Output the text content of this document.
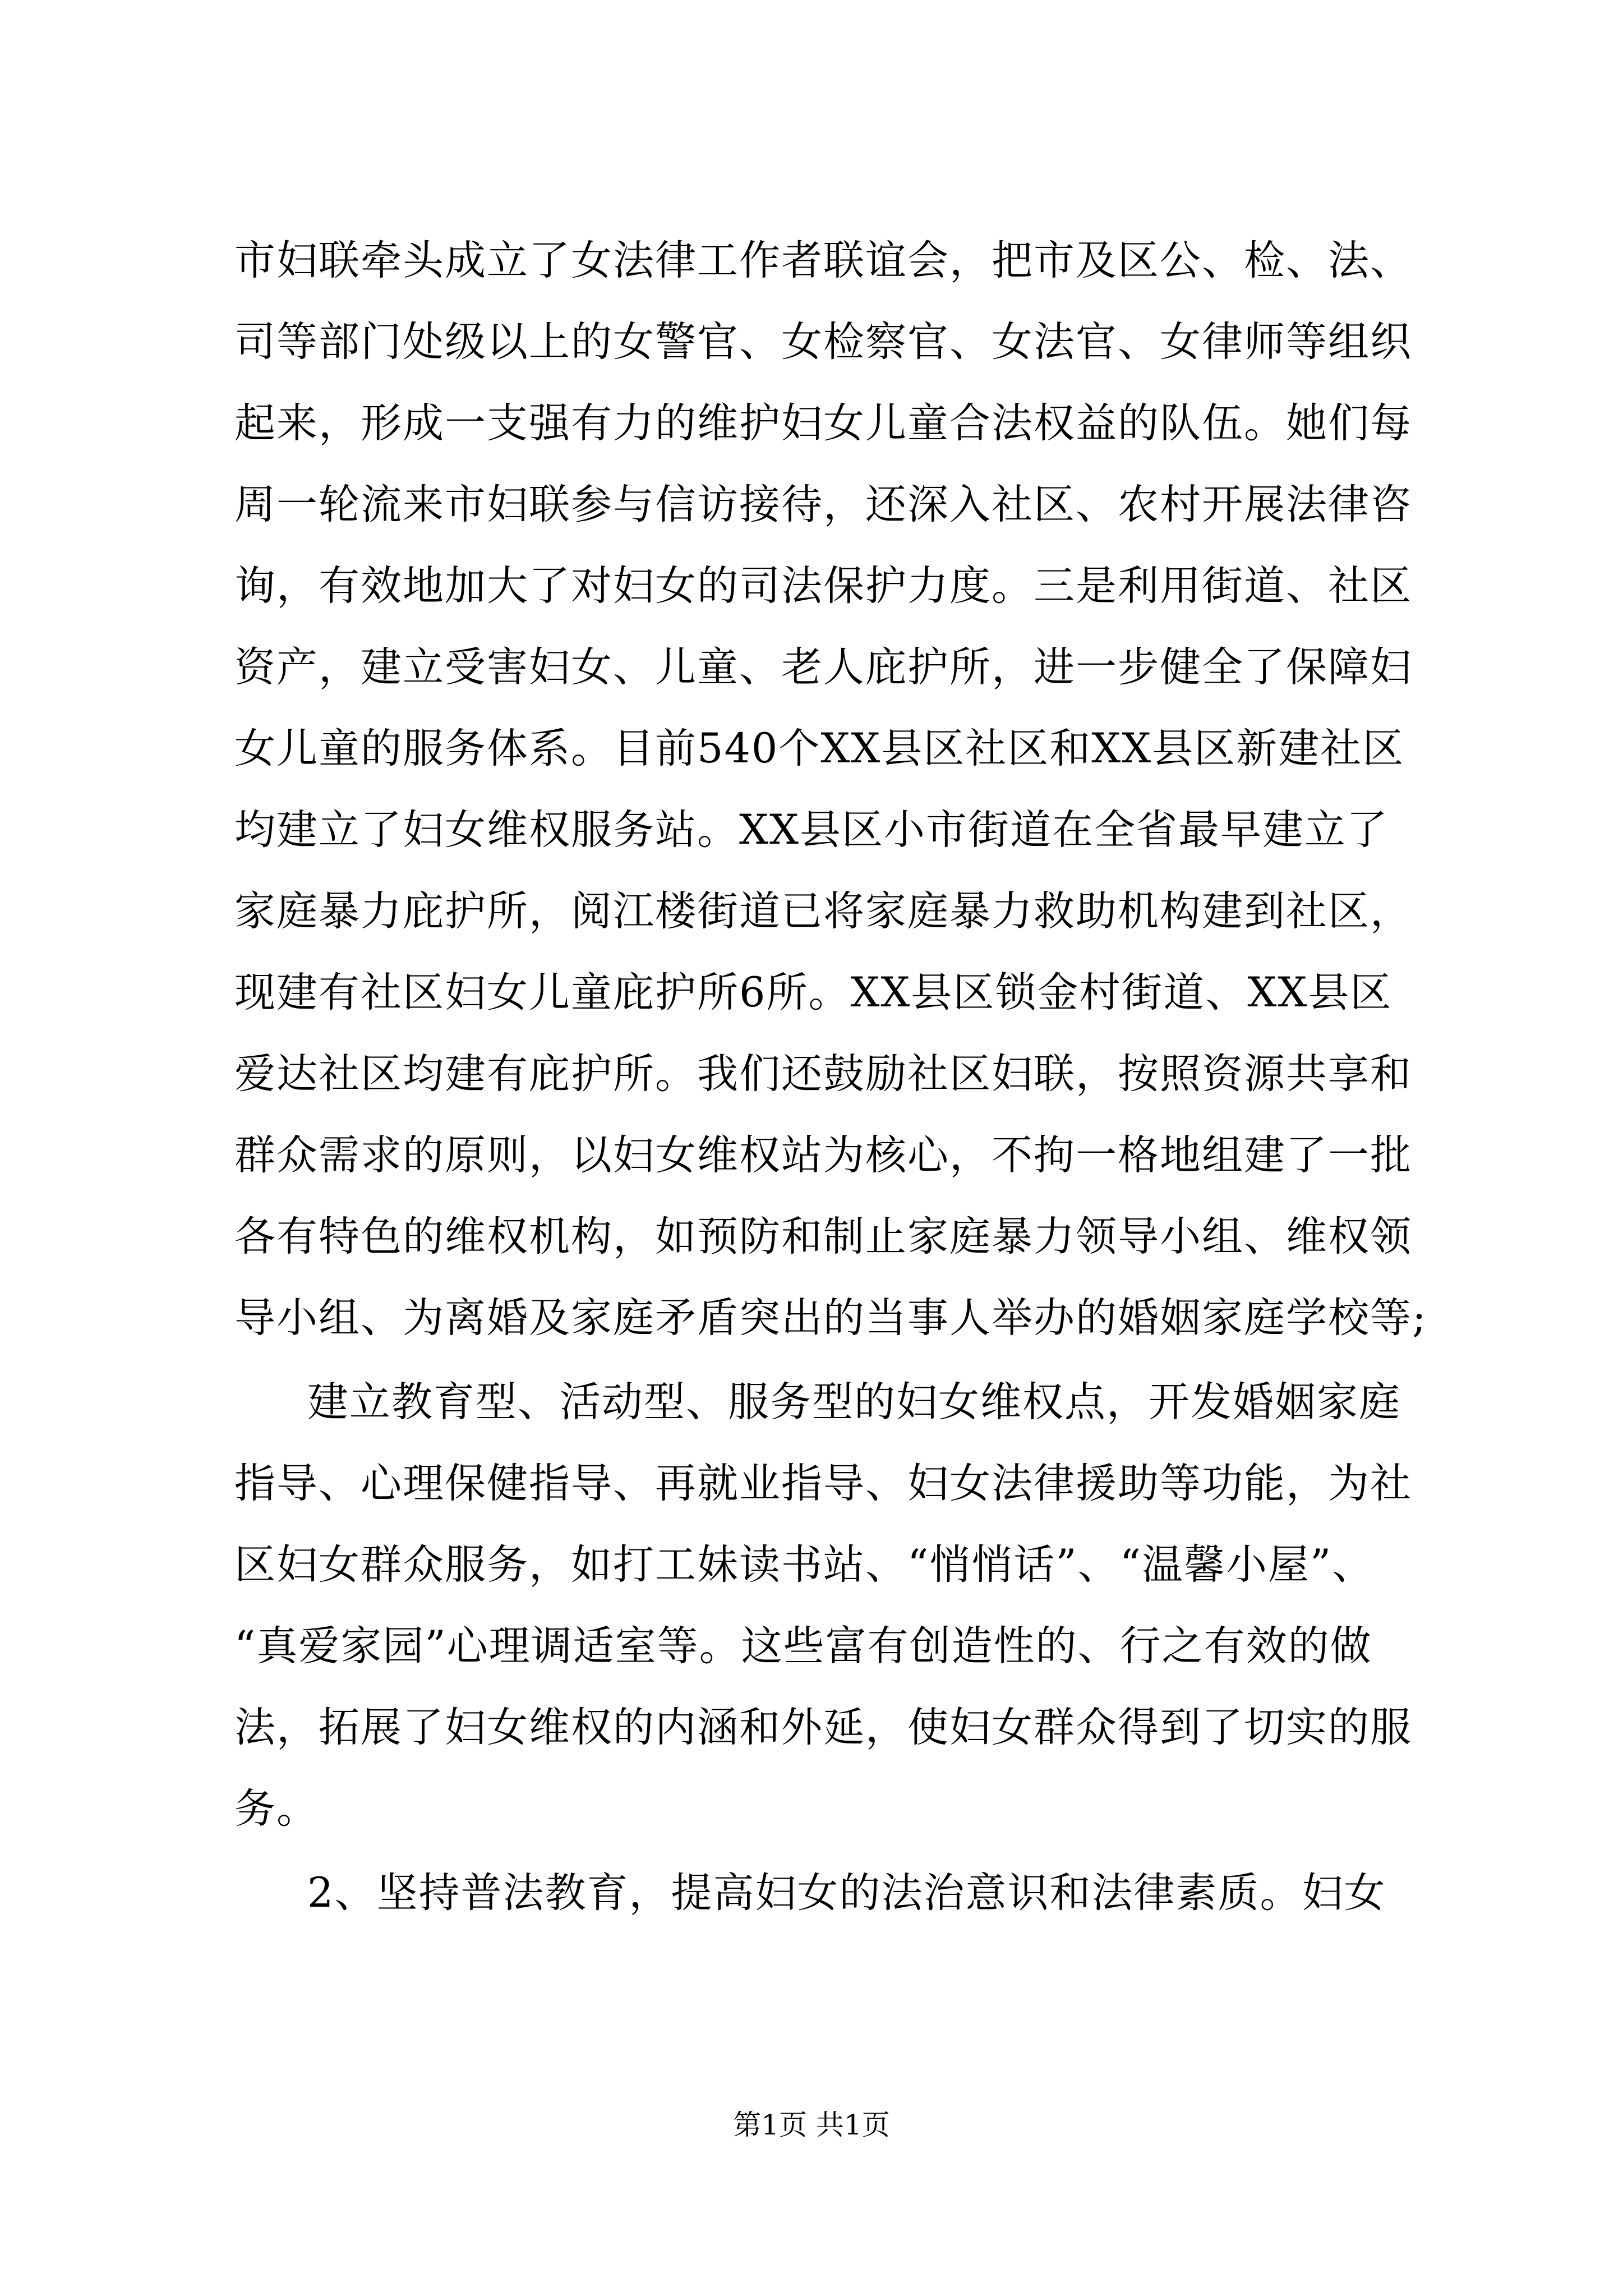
市妇联牵头成立了女法律工作者联谊会，把市及区公、检、法、
司等部门处级以上的女警官、女检察官、女法官、女律师等组织
起来，形成一支强有力的维护妇女儿童合法权益的队伍。她们每
周一轮流来市妇联参与信访接待，还深入社区、农村开展法律咨
询，有效地加大了对妇女的司法保护力度。三是利用街道、社区
资产，建立受害妇女、儿童、老人庇护所，进一步健全了保障妇
女儿童的服务体系。目前540个XX县区社区和XX县区新建社区
均建立了妇女维权服务站。XX县区小市街道在全省最早建立了
家庭暴力庇护所，阅江楼街道已将家庭暴力救助机构建到社区，
现建有社区妇女儿童庇护所6所。XX县区锁金村街道、XX县区
爱达社区均建有庇护所。我们还鼓励社区妇联，按照资源共享和
群众需求的原则，以妇女维权站为核心，不拘一格地组建了一批
各有特色的维权机构，如预防和制止家庭暴力领导小组、维权领
导小组、为离婚及家庭矛盾突出的当事人举办的婚姻家庭学校等;
建立教育型、活动型、服务型的妇女维权点，开发婚姻家庭
指导、心理保健指导、再就业指导、妇女法律援助等功能，为社
区妇女群众服务，如打工妹读书站、“悄悄话”、“温馨小屋”、
“真爱家园”心理调适室等。这些富有创造性的、行之有效的做
法，拓展了妇女维权的内涵和外延，使妇女群众得到了切实的服
务。
2、坚持普法教育，提高妇女的法治意识和法律素质。妇女
第1页 共1页
